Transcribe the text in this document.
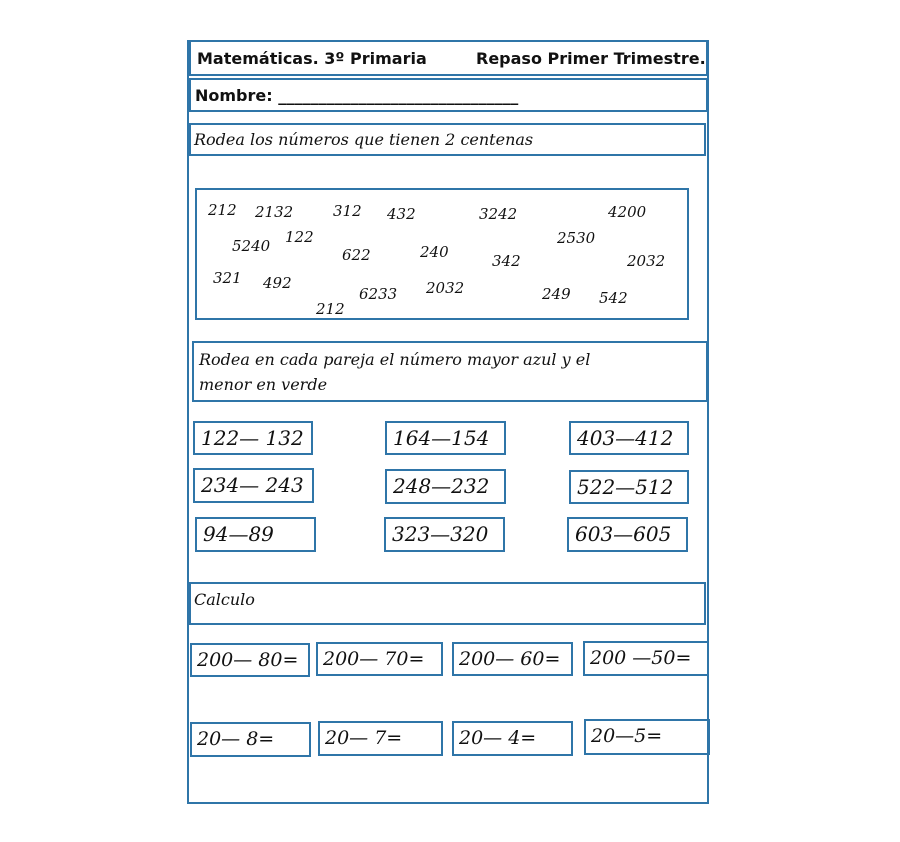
Matemáticas. 3º Primaria	Repaso Primer Trimestre.
Nombre: ______________________________
Rodea los números que tienen 2 centenas
212 2132	312 432	3242	4200
5240 122	2530
622	240	342	2032
321 492
6233 2032	249 542
212
Rodea en cada pareja el número mayor azul y el
menor en verde
122— 132	164—154	403—412
234— 243	248—232	522—512
94—89	323—320	603—605
Calculo
200— 80=	200— 70=	200— 60=	200 —50=
20— 8=	20— 7=	20— 4=	20—5=
